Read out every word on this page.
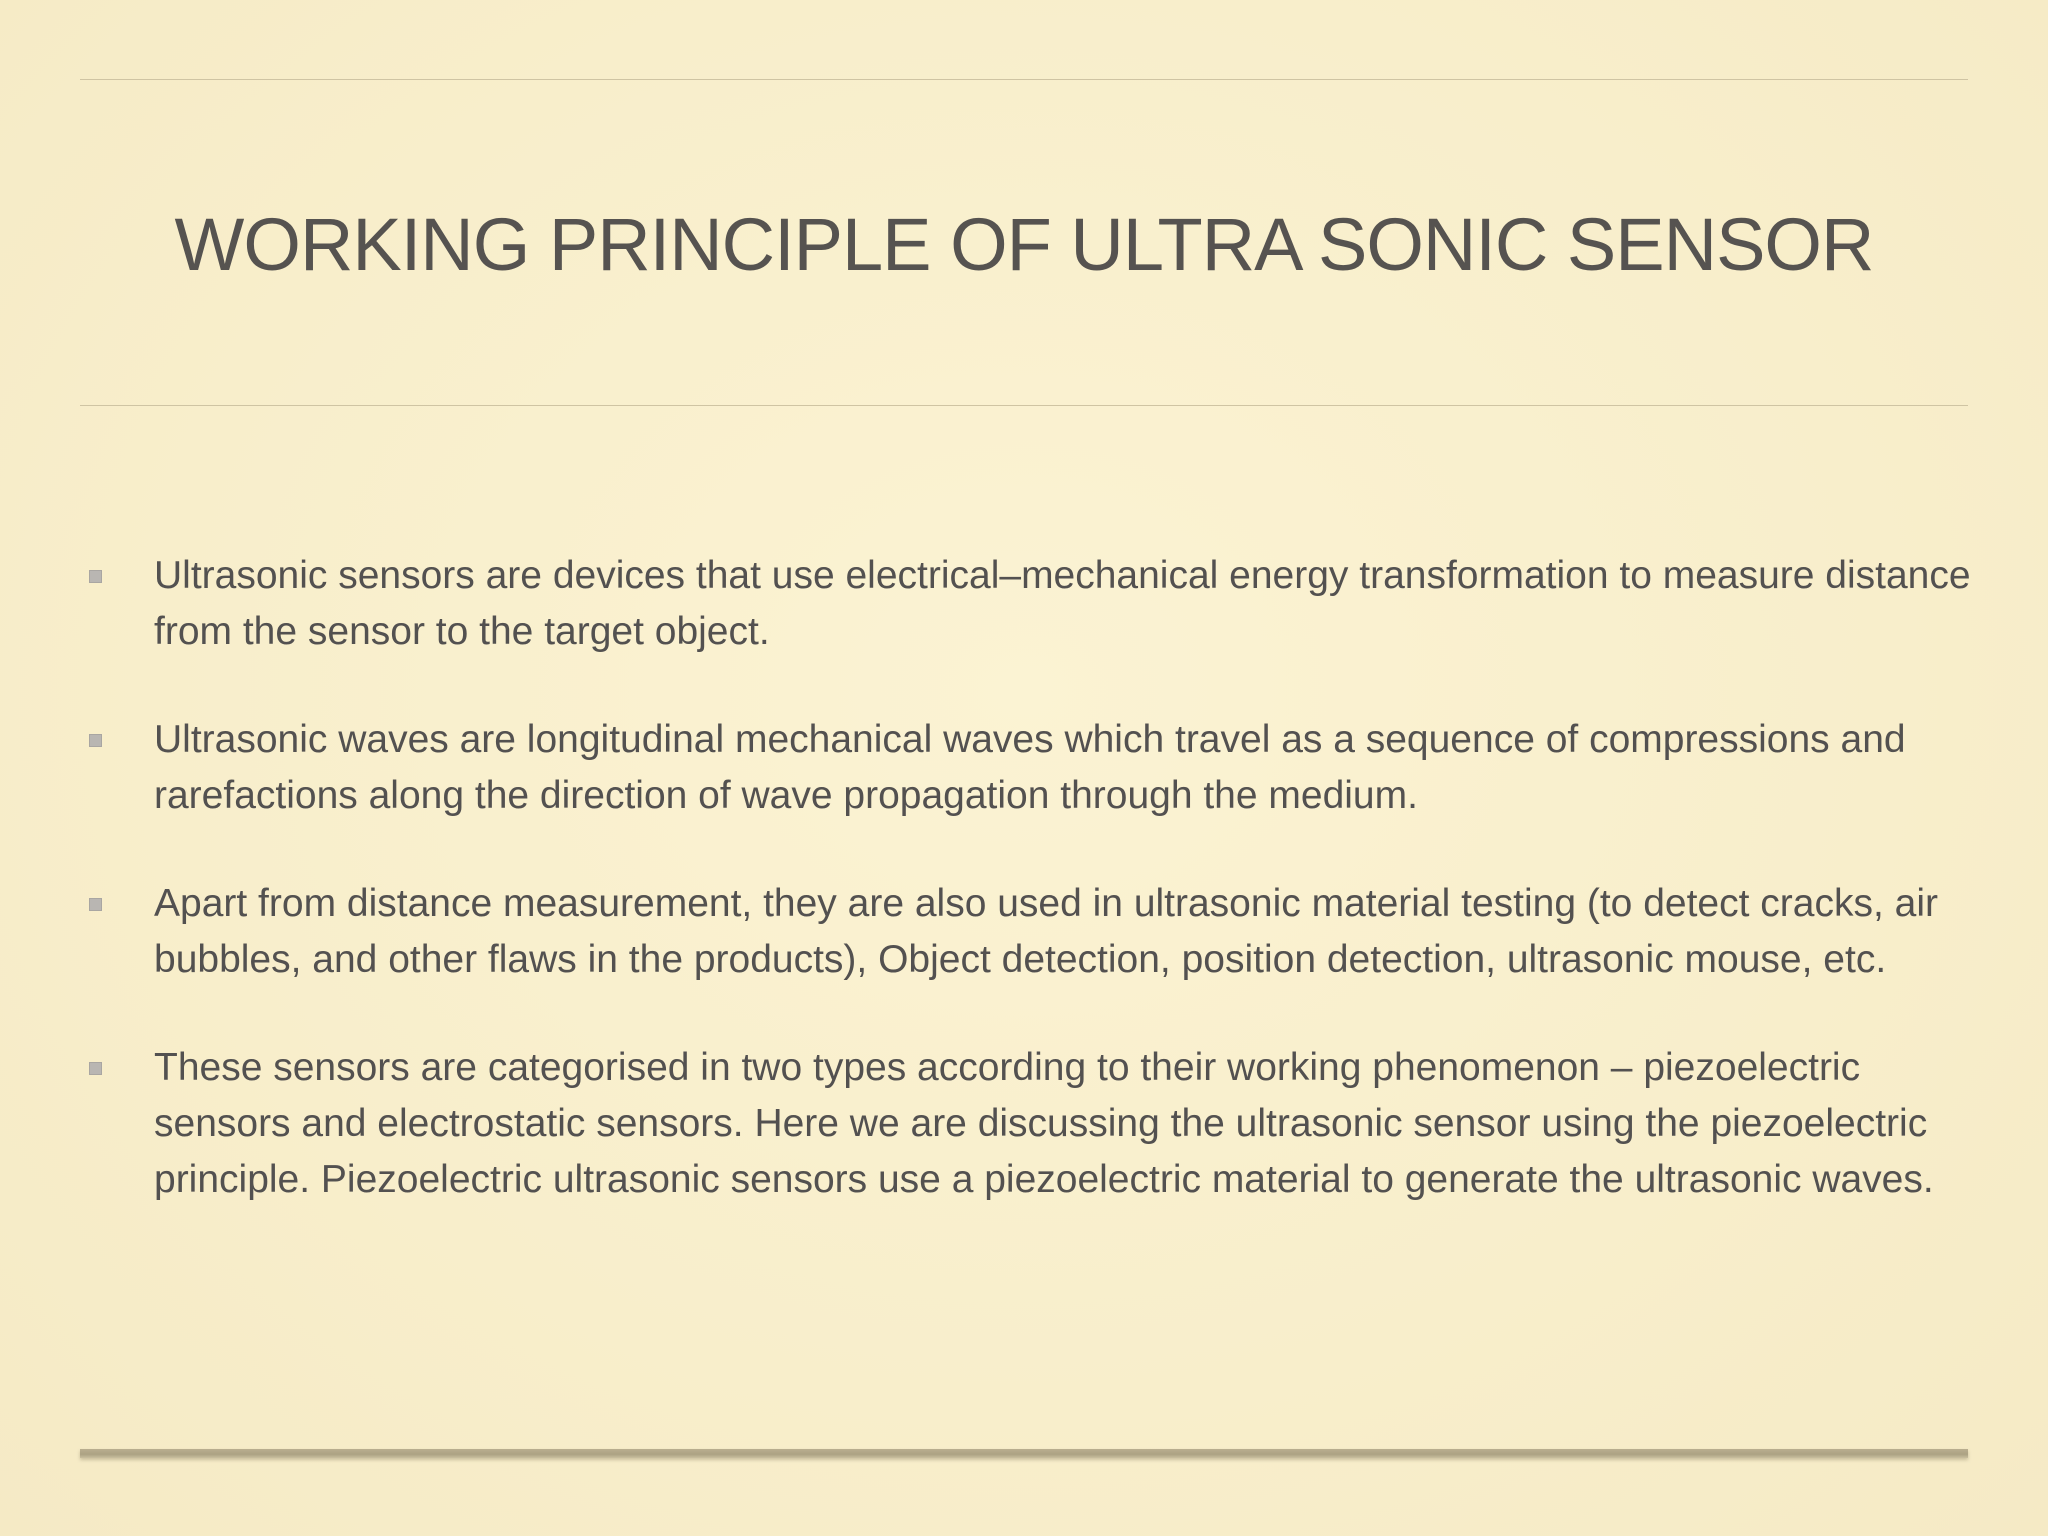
WORKING PRINCIPLE OF ULTRA SONIC SENSOR
Ultrasonic sensors are devices that use electrical–mechanical energy transformation to measure distance from the sensor to the target object.
Ultrasonic waves are longitudinal mechanical waves which travel as a sequence of compressions and rarefactions along the direction of wave propagation through the medium.
Apart from distance measurement, they are also used in ultrasonic material testing (to detect cracks, air bubbles, and other flaws in the products), Object detection, position detection, ultrasonic mouse, etc.
These sensors are categorised in two types according to their working phenomenon – piezoelectric sensors and electrostatic sensors. Here we are discussing the ultrasonic sensor using the piezoelectric principle. Piezoelectric ultrasonic sensors use a piezoelectric material to generate the ultrasonic waves.
